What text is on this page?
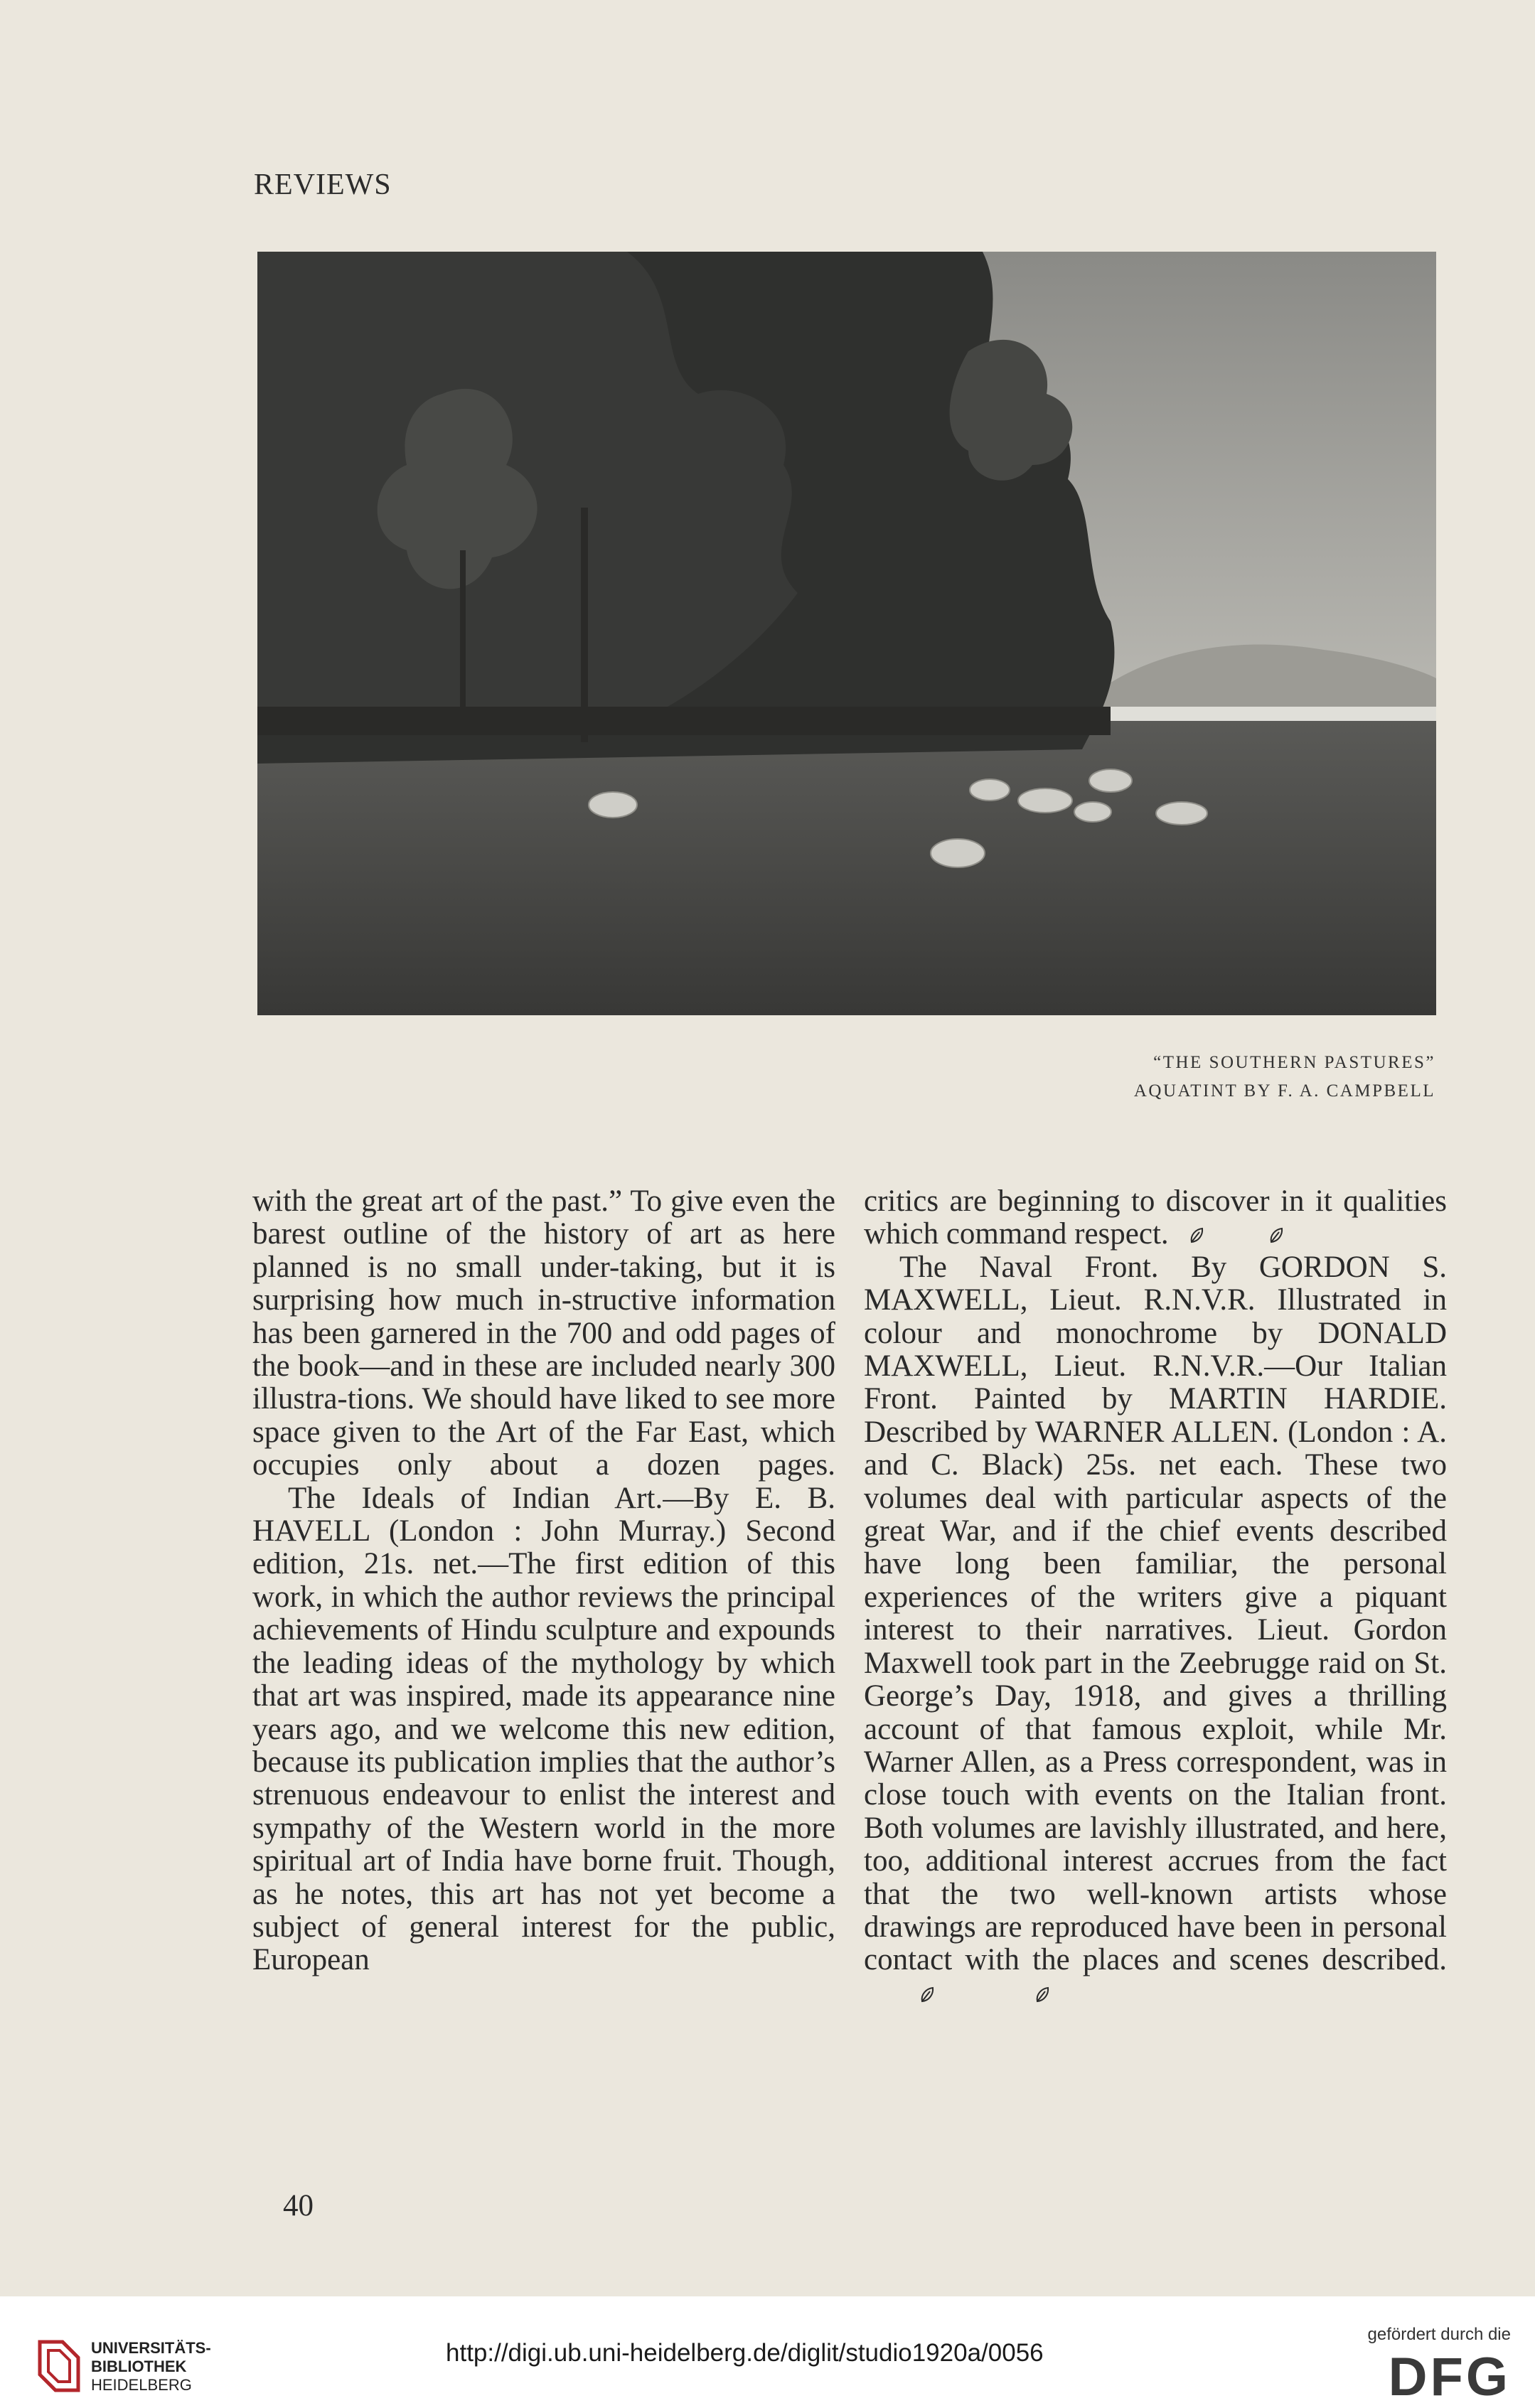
REVIEWS
“THE SOUTHERN PASTURES”
AQUATINT BY F. A. CAMPBELL

with the great art of the past.” To give even the barest outline of the history of art as here planned is no small under-taking, but it is surprising how much in-structive information has been garnered in the 700 and odd pages of the book—and in these are included nearly 300 illustra-tions. We should have liked to see more space given to the Art of the Far East, which occupies only about a dozen pages.

The Ideals of Indian Art.—By E. B. HAVELL (London : John Murray.) Second edition, 21s. net.—The first edition of this work, in which the author reviews the principal achievements of Hindu sculpture and expounds the leading ideas of the mythology by which that art was inspired, made its appearance nine years ago, and we welcome this new edition, because its publication implies that the author’s strenuous endeavour to enlist the interest and sympathy of the Western world in the more spiritual art of India have borne fruit. Though, as he notes, this art has not yet become a subject of general interest for the public, European

critics are beginning to discover in it qualities which command respect.

The Naval Front. By GORDON S. MAXWELL, Lieut. R.N.V.R. Illustrated in colour and monochrome by DONALD MAXWELL, Lieut. R.N.V.R.—Our Italian Front. Painted by MARTIN HARDIE. Described by WARNER ALLEN. (London : A. and C. Black) 25s. net each. These two volumes deal with particular aspects of the great War, and if the chief events described have long been familiar, the personal experiences of the writers give a piquant interest to their narratives. Lieut. Gordon Maxwell took part in the Zeebrugge raid on St. George’s Day, 1918, and gives a thrilling account of that famous exploit, while Mr. Warner Allen, as a Press correspondent, was in close touch with events on the Italian front. Both volumes are lavishly illustrated, and here, too, additional interest accrues from the fact that the two well-known artists whose drawings are reproduced have been in personal contact with the places and scenes described.

40
UNIVERSITÄTS-
BIBLIOTHEK
HEIDELBERG
http://digi.ub.uni-heidelberg.de/diglit/studio1920a/0056
gefördert durch die
DFG
